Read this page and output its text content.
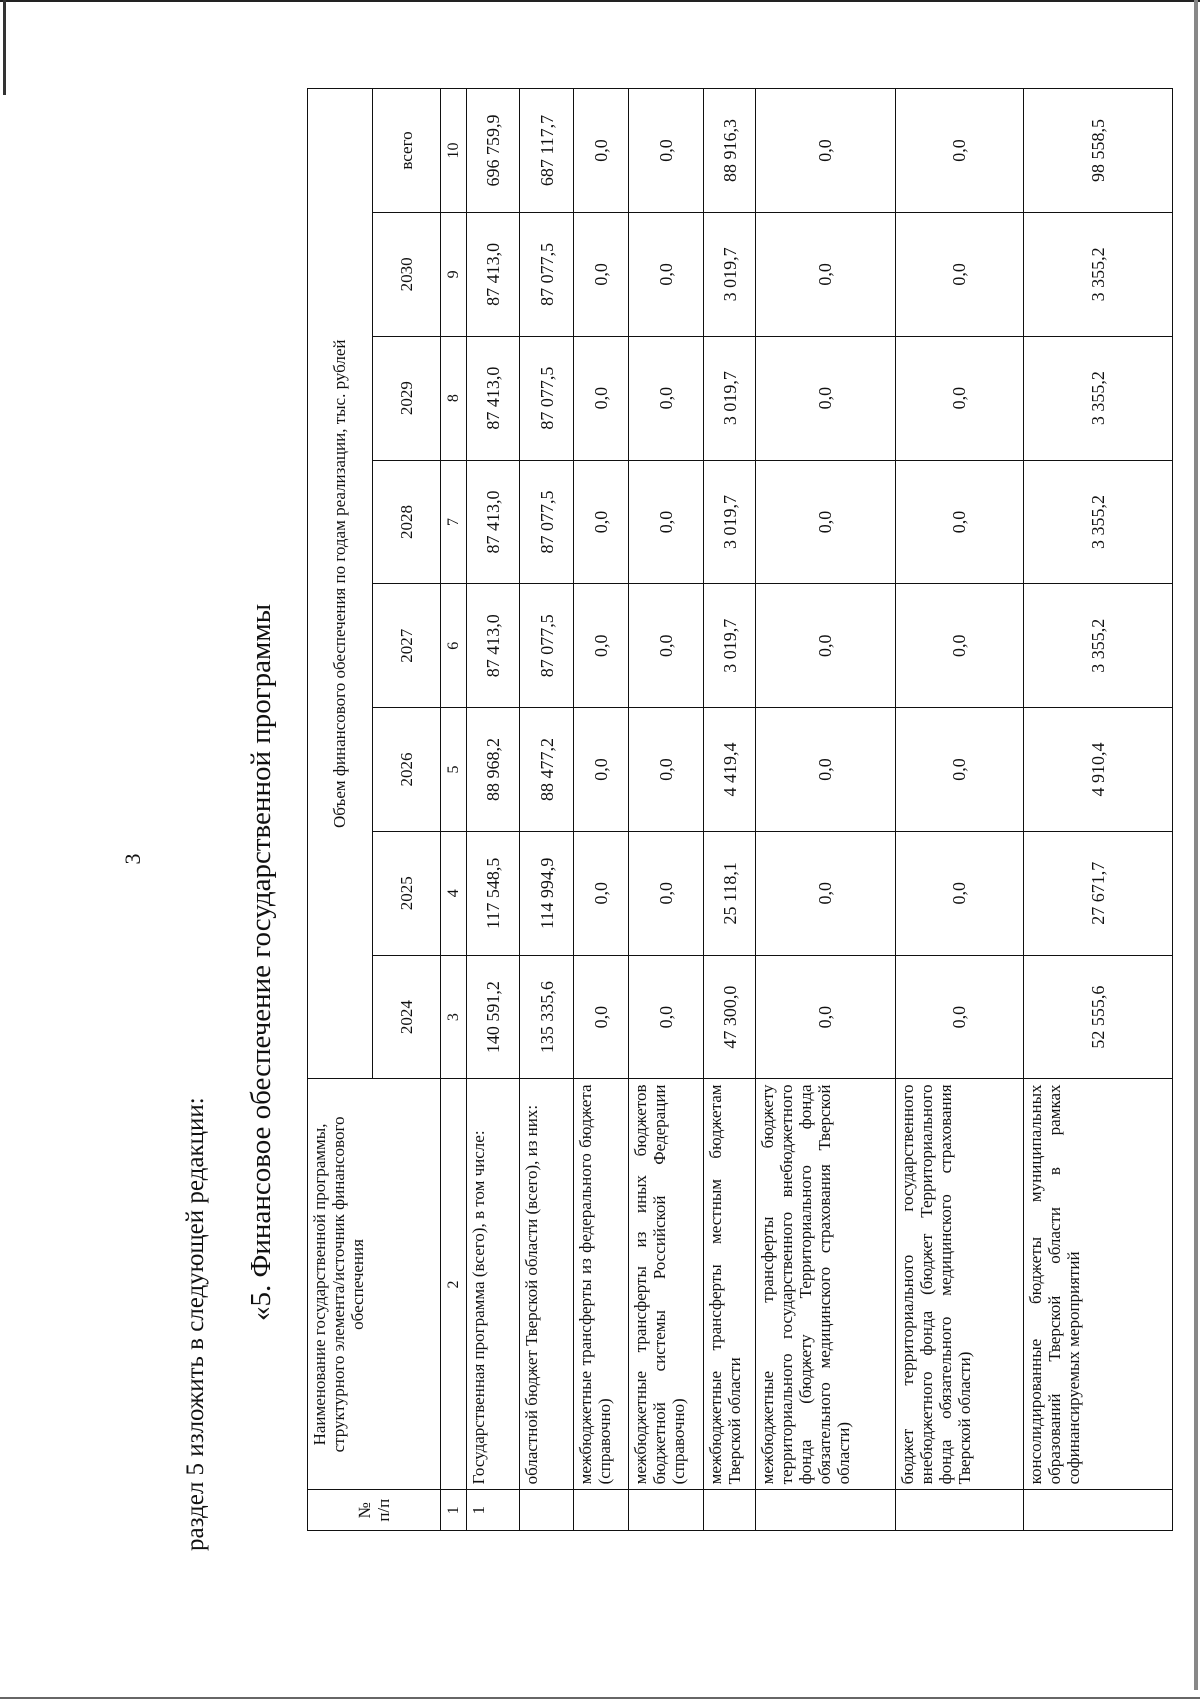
3
раздел 5 изложить в следующей редакции:
«5. Финансовое обеспечение государственной программы
№ п/п	Наименование государственной программы, структурного элемента/источник финансового обеспечения	Объем финансового обеспечения по годам реализации, тыс. рублей							
		2024	2025	2026	2027	2028	2029	2030	всего
1	2	3	4	5	6	7	8	9	10
1	Государственная программа (всего), в том числе:	140 591,2	117 548,5	88 968,2	87 413,0	87 413,0	87 413,0	87 413,0	696 759,9
	областной бюджет Тверской области (всего), из них:	135 335,6	114 994,9	88 477,2	87 077,5	87 077,5	87 077,5	87 077,5	687 117,7
	межбюджетные трансферты из федерального бюджета (справочно)	0,0	0,0	0,0	0,0	0,0	0,0	0,0	0,0
	межбюджетные трансферты из иных бюджетов бюджетной системы Российской Федерации (справочно)	0,0	0,0	0,0	0,0	0,0	0,0	0,0	0,0
	межбюджетные трансферты местным бюджетам Тверской области	47 300,0	25 118,1	4 419,4	3 019,7	3 019,7	3 019,7	3 019,7	88 916,3
	межбюджетные трансферты бюджету территориального государственного внебюджетного фонда (бюджету Территориального фонда обязательного медицинского страхования Тверской области)	0,0	0,0	0,0	0,0	0,0	0,0	0,0	0,0
	бюджет территориального государственного внебюджетного фонда (бюджет Территориального фонда обязательного медицинского страхования Тверской области)	0,0	0,0	0,0	0,0	0,0	0,0	0,0	0,0
	консолидированные бюджеты муниципальных образований Тверской области в рамках софинансируемых мероприятий	52 555,6	27 671,7	4 910,4	3 355,2	3 355,2	3 355,2	3 355,2	98 558,5
